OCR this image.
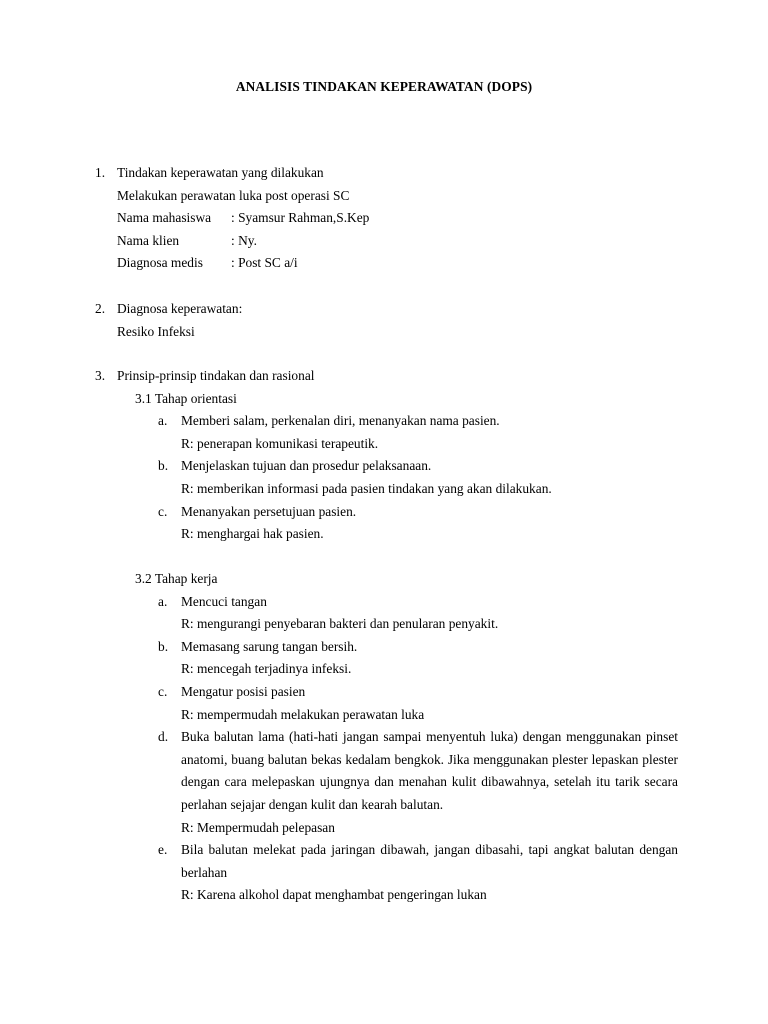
ANALISIS TINDAKAN KEPERAWATAN (DOPS)
1. Tindakan keperawatan yang dilakukan
Melakukan perawatan luka post operasi SC
Nama mahasiswa : Syamsur Rahman,S.Kep
Nama klien	: Ny.
Diagnosa medis : Post SC a/i
2. Diagnosa keperawatan:
Resiko Infeksi
3. Prinsip-prinsip tindakan dan rasional
3.1 Tahap orientasi
a. Memberi salam, perkenalan diri, menanyakan nama pasien.
R: penerapan komunikasi terapeutik.
b. Menjelaskan tujuan dan prosedur pelaksanaan.
R: memberikan informasi pada pasien tindakan yang akan dilakukan.
c. Menanyakan persetujuan pasien.
R: menghargai hak pasien.
3.2 Tahap kerja
a. Mencuci tangan
R: mengurangi penyebaran bakteri dan penularan penyakit.
b. Memasang sarung tangan bersih.
R: mencegah terjadinya infeksi.
c. Mengatur posisi pasien
R: mempermudah melakukan perawatan luka
d. Buka balutan lama (hati-hati jangan sampai menyentuh luka) dengan menggunakan pinset anatomi, buang balutan bekas kedalam bengkok. Jika menggunakan plester lepaskan plester dengan cara melepaskan ujungnya dan menahan kulit dibawahnya, setelah itu tarik secara perlahan sejajar dengan kulit dan kearah balutan.
R: Mempermudah pelepasan
e. Bila balutan melekat pada jaringan dibawah, jangan dibasahi, tapi angkat balutan dengan berlahan
R: Karena alkohol dapat menghambat pengeringan lukan
